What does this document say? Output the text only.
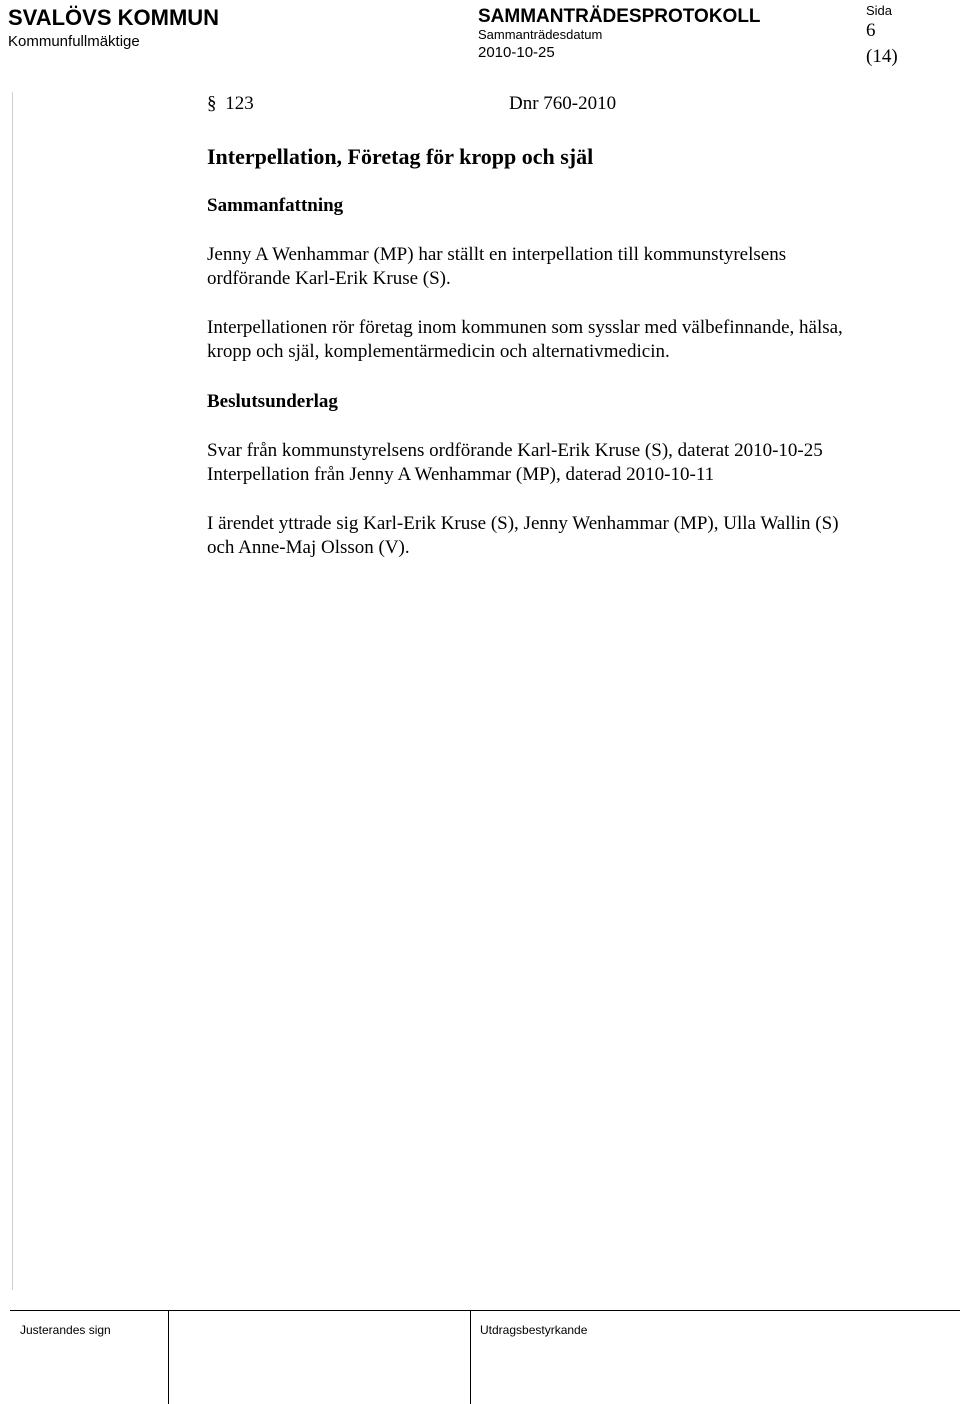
SVALÖVS KOMMUN
Kommunfullmäktige
SAMMANTRÄDESPROTOKOLL
Sammanträdesdatum
2010-10-25
Sida
6
(14)
§ 123	Dnr 760-2010
Interpellation, Företag för kropp och själ
Sammanfattning
Jenny A Wenhammar (MP) har ställt en interpellation till kommunstyrelsens
ordförande Karl-Erik Kruse (S).
Interpellationen rör företag inom kommunen som sysslar med välbefinnande, hälsa,
kropp och själ, komplementärmedicin och alternativmedicin.
Beslutsunderlag
Svar från kommunstyrelsens ordförande Karl-Erik Kruse (S), daterat 2010-10-25
Interpellation från Jenny A Wenhammar (MP), daterad 2010-10-11
I ärendet yttrade sig Karl-Erik Kruse (S), Jenny Wenhammar (MP), Ulla Wallin (S)
och Anne-Maj Olsson (V).
Justerandes sign	Utdragsbestyrkande
